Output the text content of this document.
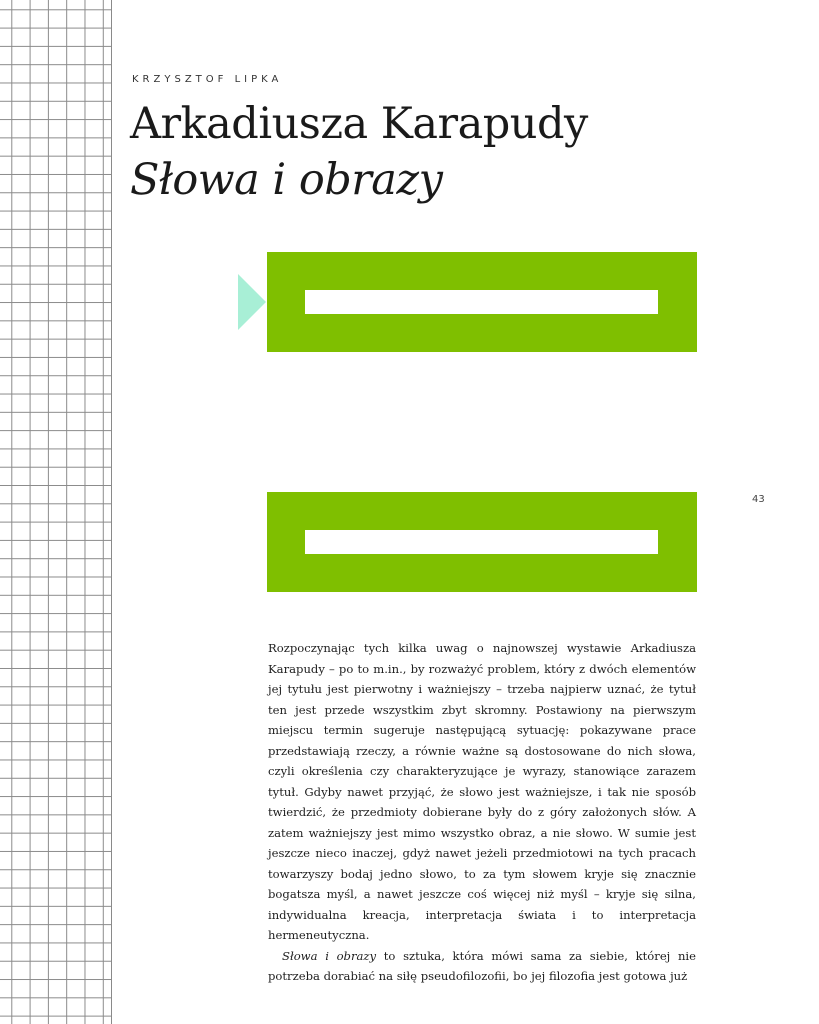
KRZYSZTOF LIPKA
Arkadiusza Karapudy
Słowa i obrazy
43

Rozpoczynając tych kilka uwag o najnowszej wystawie Arkadiusza Karapudy – po to m.in., by rozważyć problem, który z dwóch elementów jej tytułu jest pierwotny i ważniejszy – trzeba najpierw uznać, że tytuł ten jest przede wszystkim zbyt skromny. Postawiony na pierwszym miejscu termin sugeruje następującą sytuację: pokazywane prace przedstawiają rzeczy, a równie ważne są dostosowane do nich słowa, czyli określenia czy charakteryzujące je wyrazy, stanowiące zarazem tytuł. Gdyby nawet przyjąć, że słowo jest ważniejsze, i tak nie sposób twierdzić, że przedmioty dobierane były do z góry założonych słów. A zatem ważniejszy jest mimo wszystko obraz, a nie słowo. W sumie jest jeszcze nieco inaczej, gdyż nawet jeżeli przedmiotowi na tych pracach towarzyszy bodaj jedno słowo, to za tym słowem kryje się znacznie bogatsza myśl, a nawet jeszcze coś więcej niż myśl – kryje się silna, indywidualna kreacja, interpretacja świata i to interpretacja hermeneutyczna.

Słowa i obrazy to sztuka, która mówi sama za siebie, której nie potrzeba dorabiać na siłę pseudofilozofii, bo jej filozofia jest gotowa już
